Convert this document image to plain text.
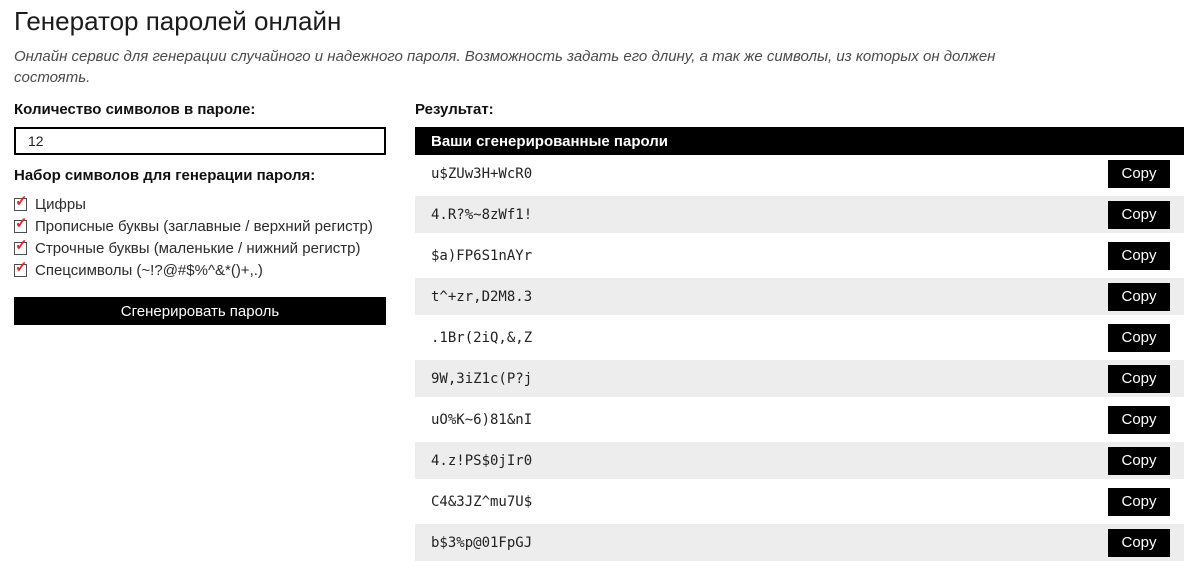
Генератор паролей онлайн
Онлайн сервис для генерации случайного и надежного пароля. Возможность задать его длину, а так же символы, из которых он должен состоять.
Количество символов в пароле:
12
Набор символов для генерации пароля:
✓ Цифры
✓ Прописные буквы (заглавные / верхний регистр)
✓ Строчные буквы (маленькие / нижний регистр)
✓ Спецсимволы (~!?@#$%^&*()+,.)
Сгенерировать пароль
Результат:
Ваши сгенерированные пароли
u$ZUw3H+WcR0	Copy
4.R?%~8zWf1!	Copy
$a)FP6S1nAYr	Copy
t^+zr,D2M8.3	Copy
.1Br(2iQ,&,Z	Copy
9W,3iZ1c(P?j	Copy
uO%K~6)81&nI	Copy
4.z!PS$0jIr0	Copy
C4&3JZ^mu7U$	Copy
b$3%p@01FpGJ	Copy
